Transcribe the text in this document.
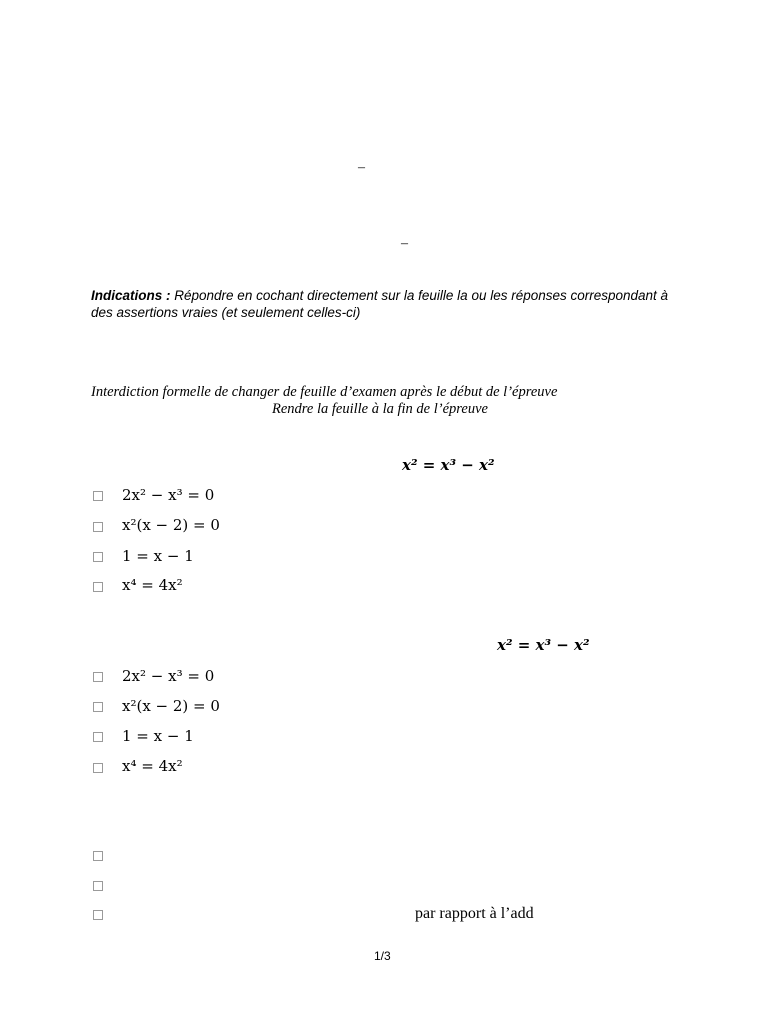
–
–
Indications : Répondre en cochant directement sur la feuille la ou les réponses correspondant à
des assertions vraies (et seulement celles-ci)
Interdiction formelle de changer de feuille d’examen après le début de l’épreuve
Rendre la feuille à la fin de l’épreuve
x² = x³ − x²
2x² − x³ = 0
x²(x − 2) = 0
1 = x − 1
x⁴ = 4x²
x² = x³ − x²
2x² − x³ = 0
x²(x − 2) = 0
1 = x − 1
x⁴ = 4x²
par rapport à l’add
1/3
